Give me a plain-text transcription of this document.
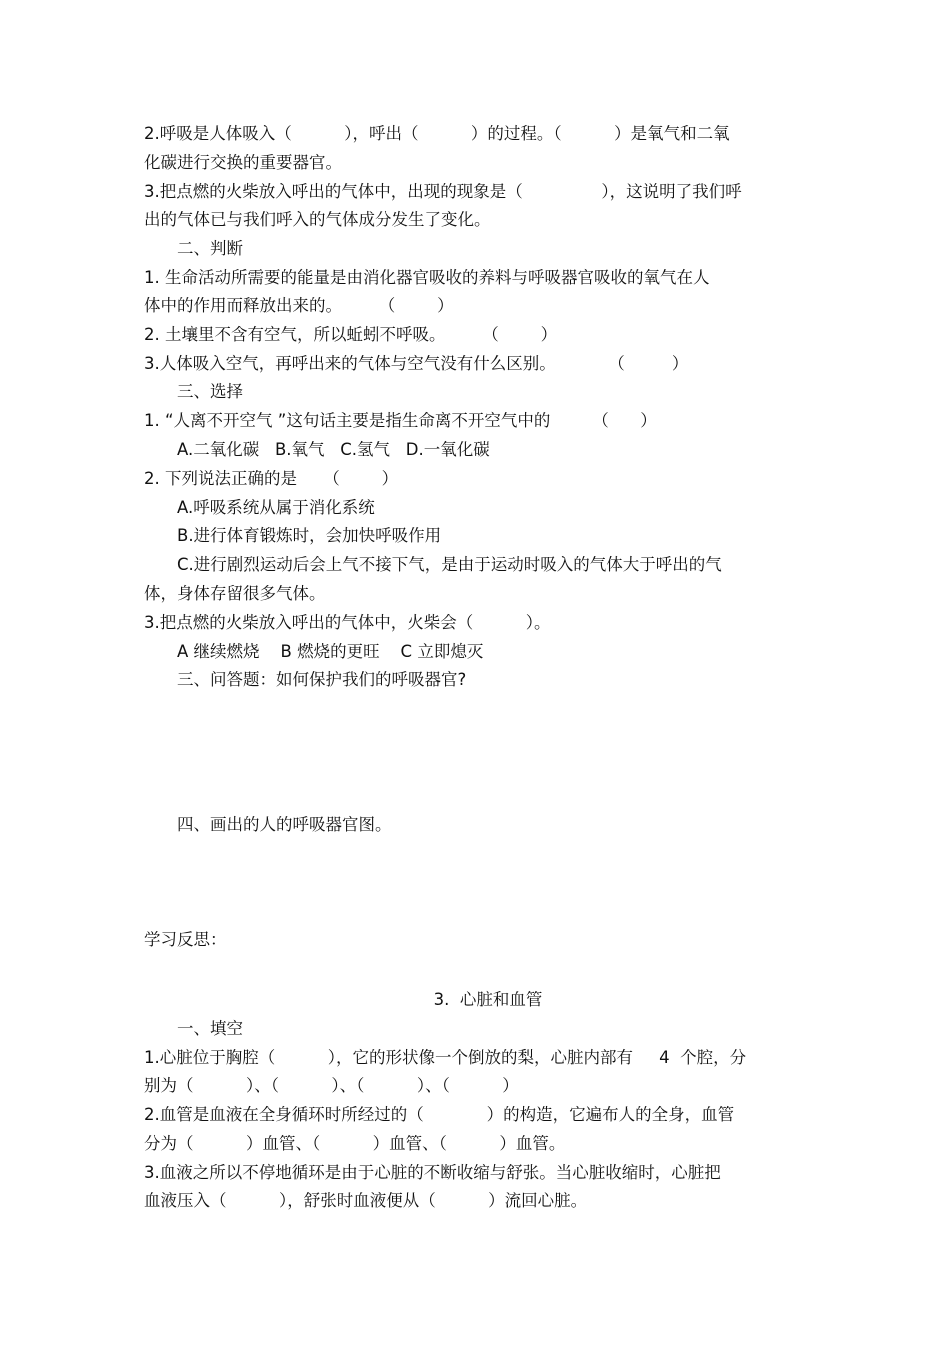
2.呼吸是人体吸入（          ），呼出（          ）的过程。（          ）是氧气和二氧
化碳进行交换的重要器官。
3.把点燃的火柴放入呼出的气体中，出现的现象是（               ），这说明了我们呼
出的气体已与我们呼入的气体成分发生了变化。
二、判断
1. 生命活动所需要的能量是由消化器官吸收的养料与呼吸器官吸收的氧气在人
体中的作用而释放出来的。       （        ）
2. 土壤里不含有空气，所以蚯蚓不呼吸。       （        ）
3.人体吸入空气，再呼出来的气体与空气没有什么区别。          （         ）
三、选择
1. “人离不开空气 ”这句话主要是指生命离不开空气中的        （      ）
A.二氧化碳   B.氧气   C.氢气   D.一氧化碳
2. 下列说法正确的是     （        ）
A.呼吸系统从属于消化系统
B.进行体育锻炼时，会加快呼吸作用
C.进行剧烈运动后会上气不接下气，是由于运动时吸入的气体大于呼出的气
体，身体存留很多气体。
3.把点燃的火柴放入呼出的气体中，火柴会（          ）。
A 继续燃烧    B 燃烧的更旺    C 立即熄灭
三、问答题：如何保护我们的呼吸器官?
四、画出的人的呼吸器官图。
学习反思：
3.  心脏和血管
一、填空
1.心脏位于胸腔（          ），它的形状像一个倒放的梨，心脏内部有     4  个腔，分
别为（          ）、（          ）、（          ）、（          ）
2.血管是血液在全身循环时所经过的（            ）的构造，它遍布人的全身，血管
分为（          ）血管、（          ）血管、（          ）血管。
3.血液之所以不停地循环是由于心脏的不断收缩与舒张。当心脏收缩时，心脏把
血液压入（          ），舒张时血液便从（          ）流回心脏。
